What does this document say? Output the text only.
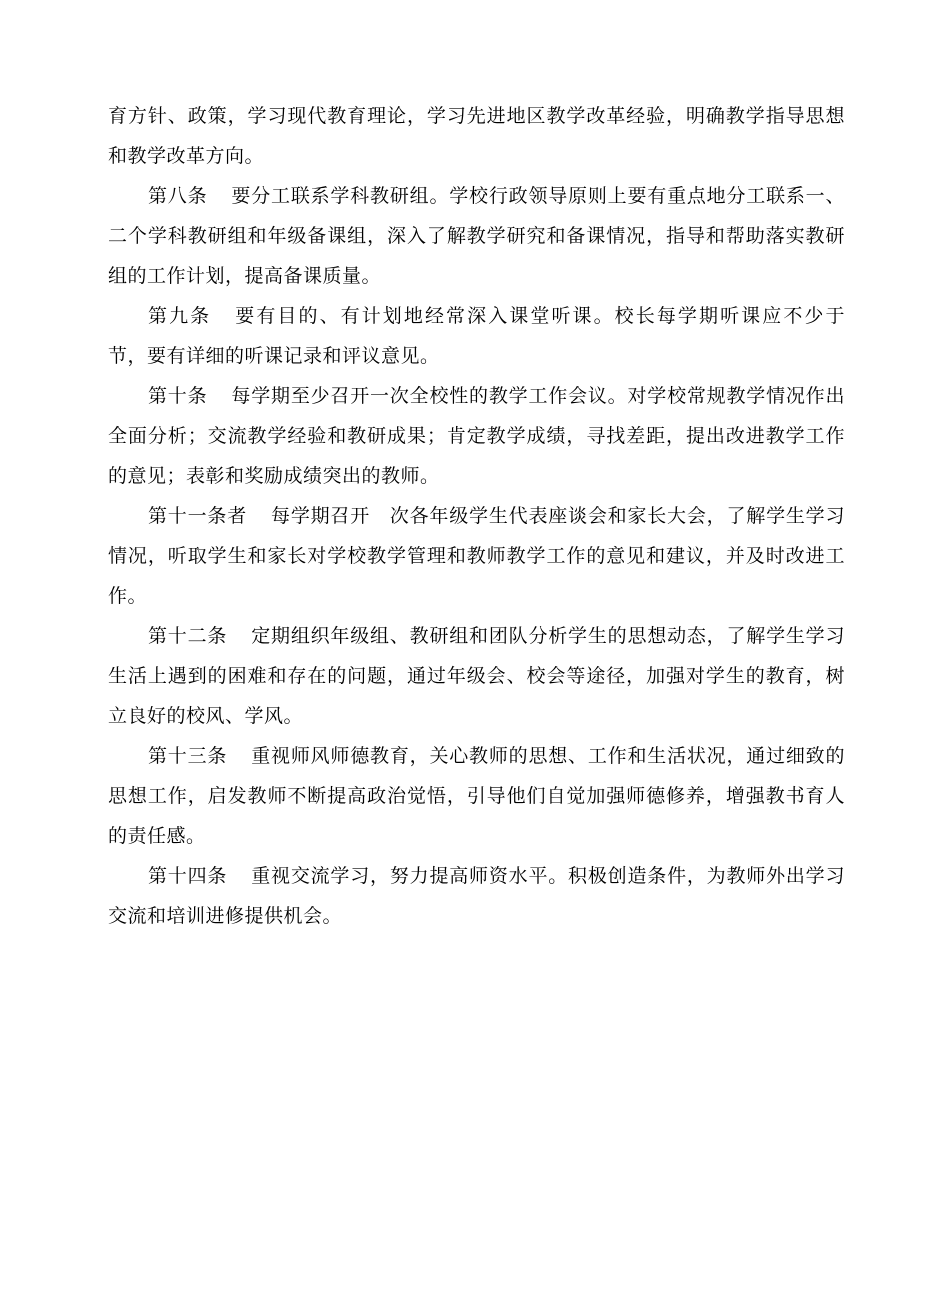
育方针、政策，学习现代教育理论，学习先进地区教学改革经验，明确教学指导思想和教学改革方向。

第八条 要分工联系学科教研组。学校行政领导原则上要有重点地分工联系一、二个学科教研组和年级备课组，深入了解教学研究和备课情况，指导和帮助落实教研组的工作计划，提高备课质量。

第九条 要有目的、有计划地经常深入课堂听课。校长每学期听课应不少于　　节，要有详细的听课记录和评议意见。

第十条 每学期至少召开一次全校性的教学工作会议。对学校常规教学情况作出全面分析；交流教学经验和教研成果；肯定教学成绩，寻找差距，提出改进教学工作的意见；表彰和奖励成绩突出的教师。

第十一条者 每学期召开　次各年级学生代表座谈会和家长大会，了解学生学习情况，听取学生和家长对学校教学管理和教师教学工作的意见和建议，并及时改进工作。

第十二条 定期组织年级组、教研组和团队分析学生的思想动态，了解学生学习生活上遇到的困难和存在的问题，通过年级会、校会等途径，加强对学生的教育，树立良好的校风、学风。

第十三条 重视师风师德教育，关心教师的思想、工作和生活状况，通过细致的思想工作，启发教师不断提高政治觉悟，引导他们自觉加强师德修养，增强教书育人的责任感。

第十四条 重视交流学习，努力提高师资水平。积极创造条件，为教师外出学习交流和培训进修提供机会。
